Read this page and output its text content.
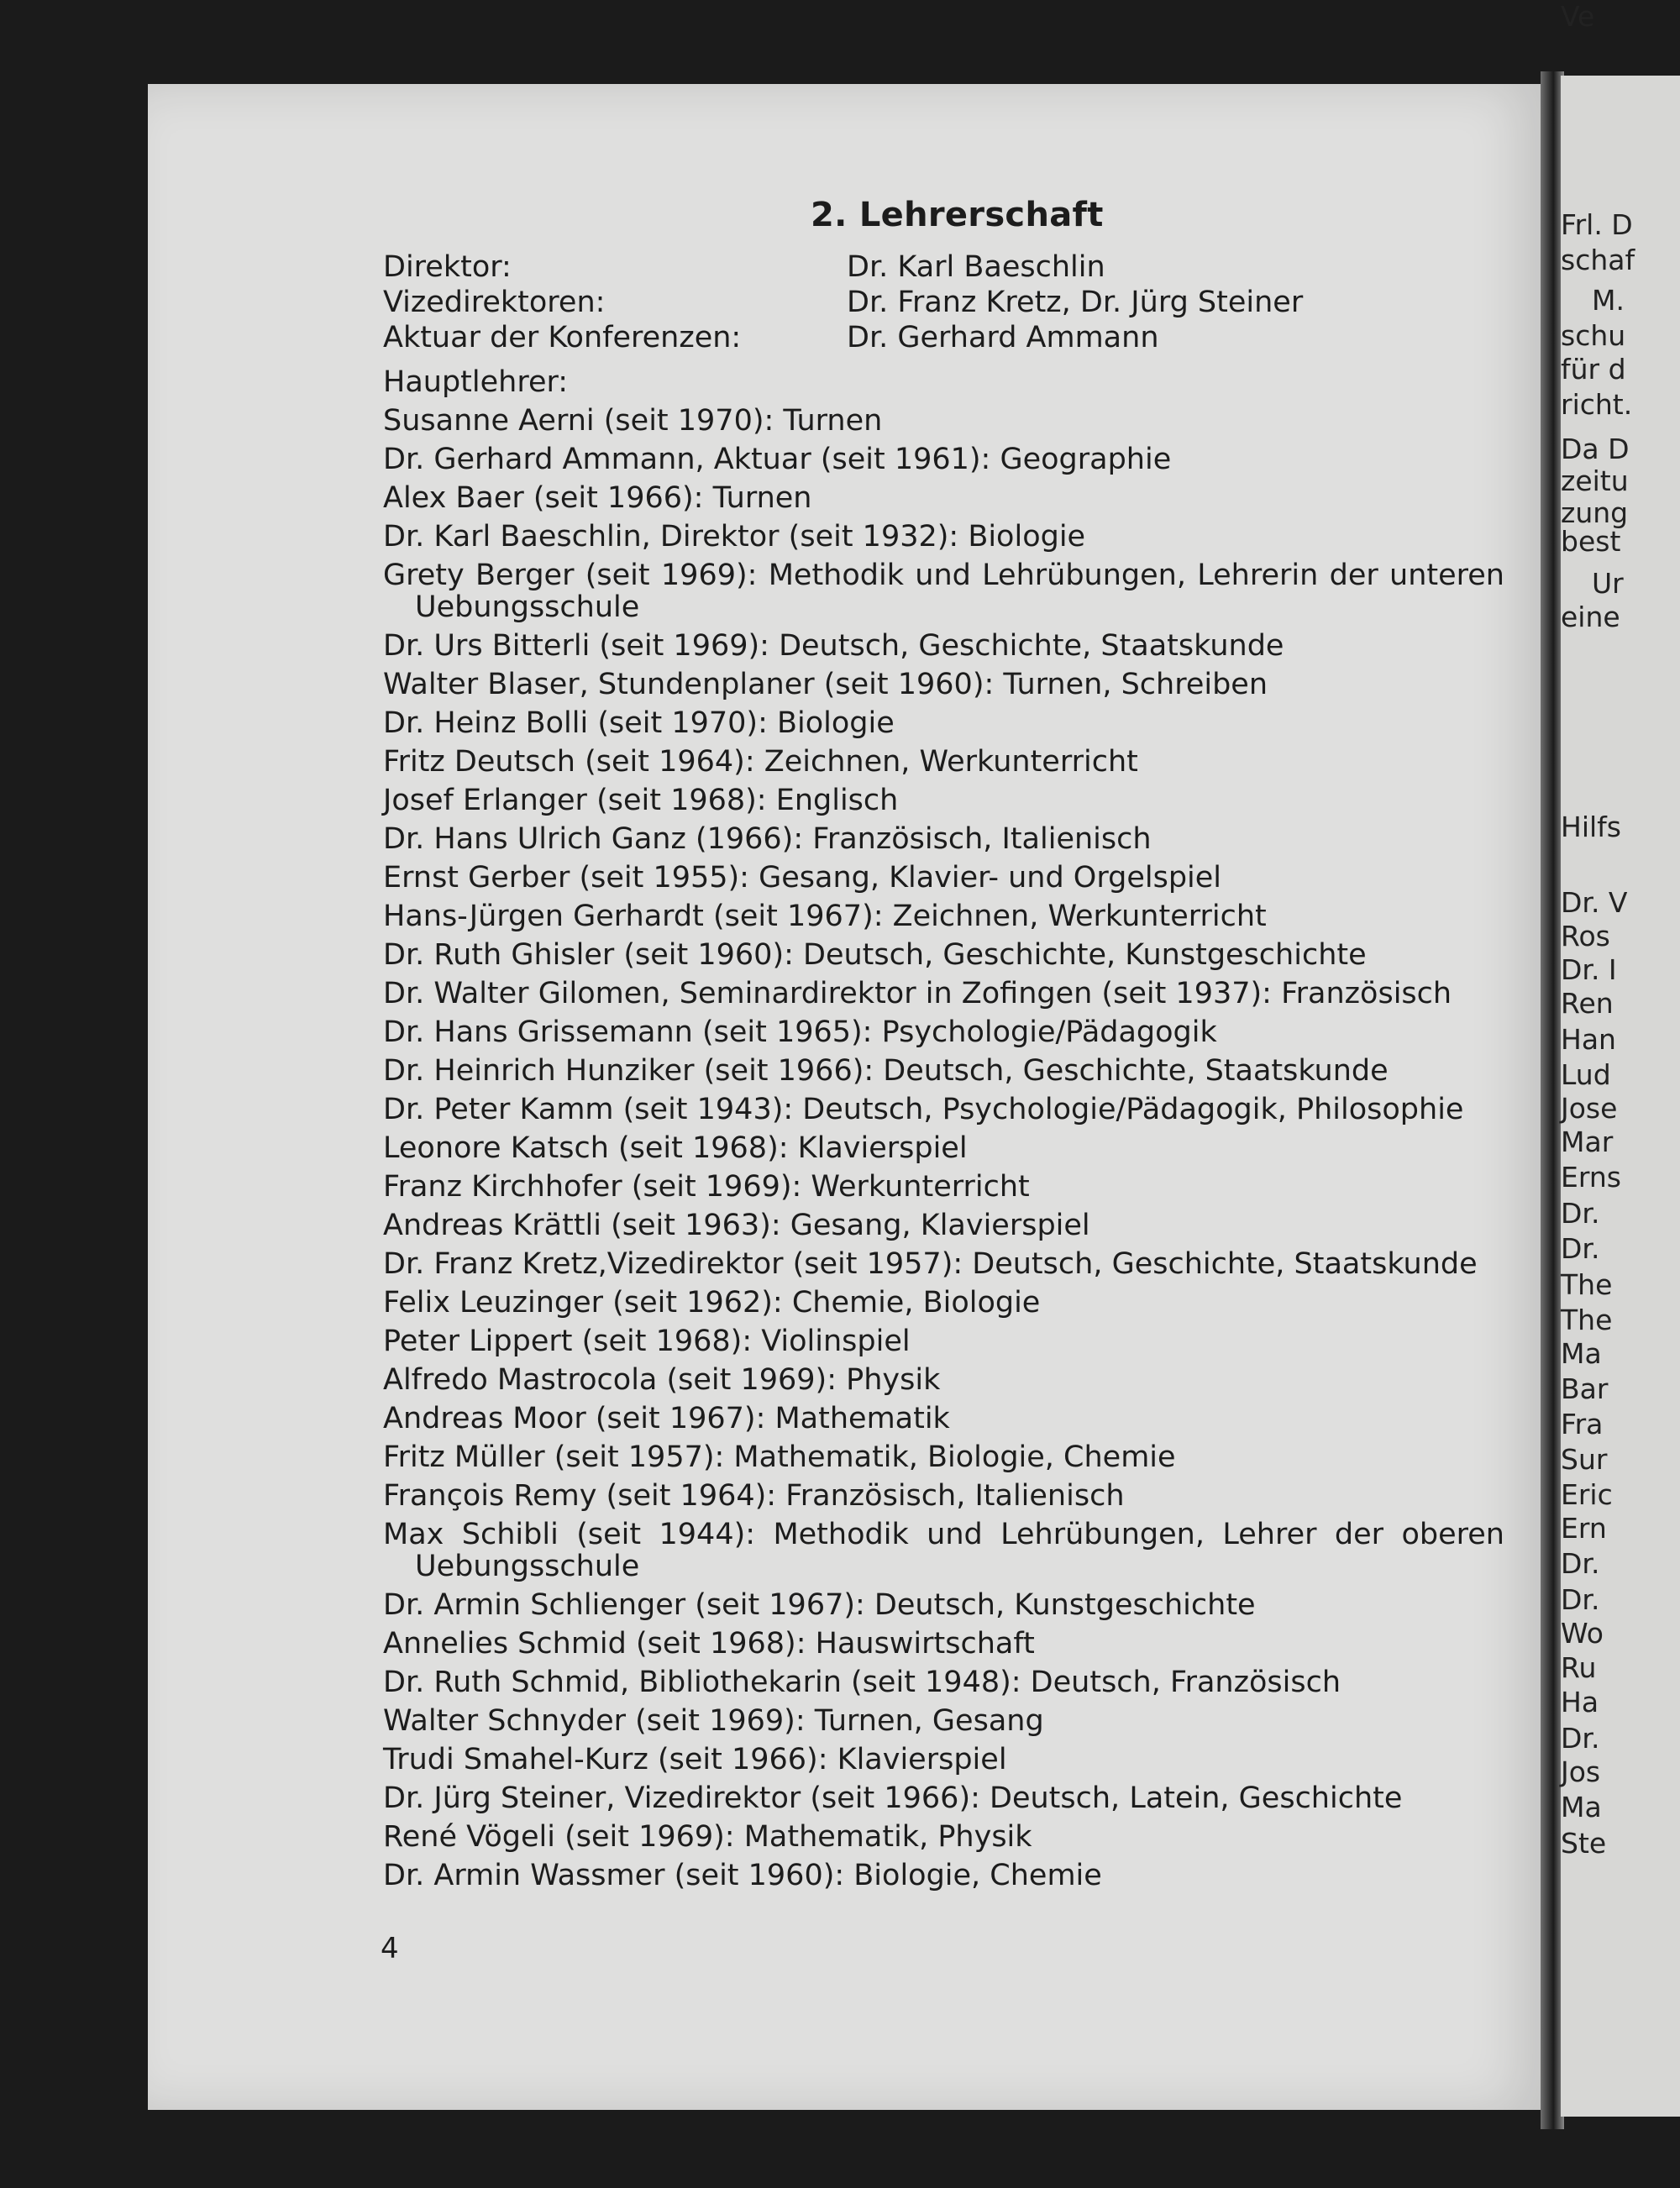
Frl. D
schaf
M.
schu
für d
richt.
Da D
zeitu
zung
best
Ur
eine
Hilfs
Dr. V
Ros
Dr. I
Ren
Han
Lud
Jose
Mar
Erns
Dr.
Dr.
The
The
Ma
Bar
Fra
Sur
Eric
Ern
Dr.
Dr.
Wo
Ru
Ha
Dr.
Jos
Ma
Ste
Ve
2. Lehrerschaft
Direktor:	Dr. Karl Baeschlin
Vizedirektoren:	Dr. Franz Kretz, Dr. Jürg Steiner
Aktuar der Konferenzen:	Dr. Gerhard Ammann
Hauptlehrer:
Susanne Aerni (seit 1970): Turnen
Dr. Gerhard Ammann, Aktuar (seit 1961): Geographie
Alex Baer (seit 1966): Turnen
Dr. Karl Baeschlin, Direktor (seit 1932): Biologie
Grety Berger (seit 1969): Methodik und Lehrübungen, Lehrerin der unteren Uebungsschule
Dr. Urs Bitterli (seit 1969): Deutsch, Geschichte, Staatskunde
Walter Blaser, Stundenplaner (seit 1960): Turnen, Schreiben
Dr. Heinz Bolli (seit 1970): Biologie
Fritz Deutsch (seit 1964): Zeichnen, Werkunterricht
Josef Erlanger (seit 1968): Englisch
Dr. Hans Ulrich Ganz (1966): Französisch, Italienisch
Ernst Gerber (seit 1955): Gesang, Klavier- und Orgelspiel
Hans-Jürgen Gerhardt (seit 1967): Zeichnen, Werkunterricht
Dr. Ruth Ghisler (seit 1960): Deutsch, Geschichte, Kunstgeschichte
Dr. Walter Gilomen, Seminardirektor in Zofingen (seit 1937): Französisch
Dr. Hans Grissemann (seit 1965): Psychologie/Pädagogik
Dr. Heinrich Hunziker (seit 1966): Deutsch, Geschichte, Staatskunde
Dr. Peter Kamm (seit 1943): Deutsch, Psychologie/Pädagogik, Philosophie
Leonore Katsch (seit 1968): Klavierspiel
Franz Kirchhofer (seit 1969): Werkunterricht
Andreas Krättli (seit 1963): Gesang, Klavierspiel
Dr. Franz Kretz,Vizedirektor (seit 1957): Deutsch, Geschichte, Staatskunde
Felix Leuzinger (seit 1962): Chemie, Biologie
Peter Lippert (seit 1968): Violinspiel
Alfredo Mastrocola (seit 1969): Physik
Andreas Moor (seit 1967): Mathematik
Fritz Müller (seit 1957): Mathematik, Biologie, Chemie
François Remy (seit 1964): Französisch, Italienisch
Max Schibli (seit 1944): Methodik und Lehrübungen, Lehrer der oberen Uebungsschule
Dr. Armin Schlienger (seit 1967): Deutsch, Kunstgeschichte
Annelies Schmid (seit 1968): Hauswirtschaft
Dr. Ruth Schmid, Bibliothekarin (seit 1948): Deutsch, Französisch
Walter Schnyder (seit 1969): Turnen, Gesang
Trudi Smahel-Kurz (seit 1966): Klavierspiel
Dr. Jürg Steiner, Vizedirektor (seit 1966): Deutsch, Latein, Geschichte
René Vögeli (seit 1969): Mathematik, Physik
Dr. Armin Wassmer (seit 1960): Biologie, Chemie
4
